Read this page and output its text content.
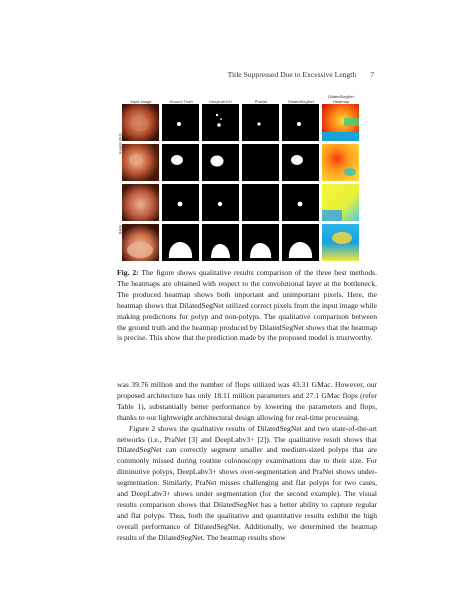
Title Suppressed Due to Excessive Length 7
Input Image	Ground Truth	DeepLabV3+	PraNet	DilatedSegNet
DilatedSegNet Heatmap
Kvasir-SEG
BKAI
Fig. 2: The figure shows qualitative results comparison of the three best methods. The heatmaps are obtained with respect to the convolutional layer at the bottleneck. The produced heatmap shows both important and unimportant pixels. Here, the heatmap shows that DilatedSegNet utilized correct pixels from the input image while making predictions for polyp and non-polyps. The qualitative comparison between the ground truth and the heatmap produced by DilatedSegNet shows that the heatmap is precise. This show that the prediction made by the proposed model is trustworthy.

was 39.76 million and the number of flops utilized was 43.31 GMac. However, our proposed architecture has only 18.11 million parameters and 27.1 GMac flops (refer Table 1), substantially better performance by lowering the parameters and flops, thanks to our lightweight architectural design allowing for real-time processing.

Figure 2 shows the qualitative results of DilatedSegNet and two state-of-the-art networks (i.e., PraNet [3] and DeepLabv3+ [2]). The qualitative result shows that DilatedSegNet can correctly segment smaller and medium-sized polyps that are commonly missed during routine colonoscopy examinations due to their size. For diminutive polyps, DeepLabv3+ shows over-segmentation and PraNet shows under-segmentation. Similarly, PraNet misses challenging and flat polyps for two cases, and DeepLabv3+ shows under segmentation (for the second example). The visual results comparison shows that DilatedSegNet has a better ability to capture regular and flat polyps. Thus, both the qualitative and quantitative results exhibit the high overall performance of DilatedSegNet. Additionally, we determined the heatmap results of the DilatedSegNet. The heatmap results show
